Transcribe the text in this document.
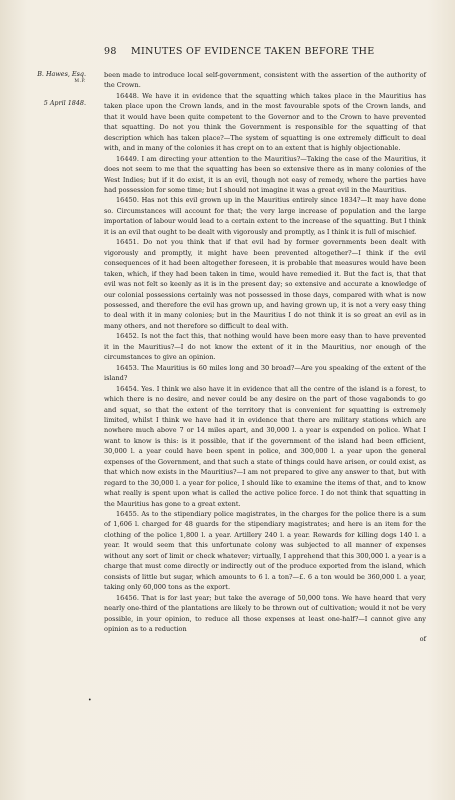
98 MINUTES OF EVIDENCE TAKEN BEFORE THE
B. Hawes, Esq.
M.P.
5 April 1848.

been made to introduce local self-government, consistent with the assertion of the authority of the Crown.

16448. We have it in evidence that the squatting which takes place in the Mauritius has taken place upon the Crown lands, and in the most favourable spots of the Crown lands, and that it would have been quite competent to the Governor and to the Crown to have prevented that squatting. Do not you think the Government is responsible for the squatting of that description which has taken place?—The system of squatting is one extremely difficult to deal with, and in many of the colonies it has crept on to an extent that is highly objectionable.

16449. I am directing your attention to the Mauritius?—Taking the case of the Mauritius, it does not seem to me that the squatting has been so extensive there as in many colonies of the West Indies; but if it do exist, it is an evil, though not easy of remedy, where the parties have had possession for some time; but I should not imagine it was a great evil in the Mauritius.

16450. Has not this evil grown up in the Mauritius entirely since 1834?—It may have done so. Circumstances will account for that; the very large increase of population and the large importation of labour would lead to a certain extent to the increase of the squatting. But I think it is an evil that ought to be dealt with vigorously and promptly, as I think it is full of mischief.

16451. Do not you think that if that evil had by former governments been dealt with vigorously and promptly, it might have been prevented altogether?—I think if the evil consequences of it had been altogether foreseen, it is probable that measures would have been taken, which, if they had been taken in time, would have remedied it. But the fact is, that that evil was not felt so keenly as it is in the present day; so extensive and accurate a knowledge of our colonial possessions certainly was not possessed in those days, compared with what is now possessed, and therefore the evil has grown up, and having grown up, it is not a very easy thing to deal with it in many colonies; but in the Mauritius I do not think it is so great an evil as in many others, and not therefore so difficult to deal with.

16452. Is not the fact this, that nothing would have been more easy than to have prevented it in the Mauritius?—I do not know the extent of it in the Mauritius, nor enough of the circumstances to give an opinion.

16453. The Mauritius is 60 miles long and 30 broad?—Are you speaking of the extent of the island?

16454. Yes. I think we also have it in evidence that all the centre of the island is a forest, to which there is no desire, and never could be any desire on the part of those vagabonds to go and squat, so that the extent of the territory that is convenient for squatting is extremely limited, whilst I think we have had it in evidence that there are military stations which are nowhere much above 7 or 14 miles apart, and 30,000 l. a year is expended on police. What I want to know is this: is it possible, that if the government of the island had been efficient, 30,000 l. a year could have been spent in police, and 300,000 l. a year upon the general expenses of the Government, and that such a state of things could have arisen, or could exist, as that which now exists in the Mauritius?—I am not prepared to give any answer to that, but with regard to the 30,000 l. a year for police, I should like to examine the items of that, and to know what really is spent upon what is called the active police force. I do not think that squatting in the Mauritius has gone to a great extent.

16455. As to the stipendiary police magistrates, in the charges for the police there is a sum of 1,606 l. charged for 48 guards for the stipendiary magistrates; and here is an item for the clothing of the police 1,800 l. a year. Artillery 240 l. a year. Rewards for killing dogs 140 l. a year. It would seem that this unfortunate colony was subjected to all manner of expenses without any sort of limit or check whatever; virtually, I apprehend that this 300,000 l. a year is a charge that must come directly or indirectly out of the produce exported from the island, which consists of little but sugar, which amounts to 6 l. a ton?—£. 6 a ton would be 360,000 l. a year, taking only 60,000 tons as the export.

16456. That is for last year; but take the average of 50,000 tons. We have heard that very nearly one-third of the plantations are likely to be thrown out of cultivation; would it not be very possible, in your opinion, to reduce all those expenses at least one-half?—I cannot give any opinion as to a reduction

of

•
